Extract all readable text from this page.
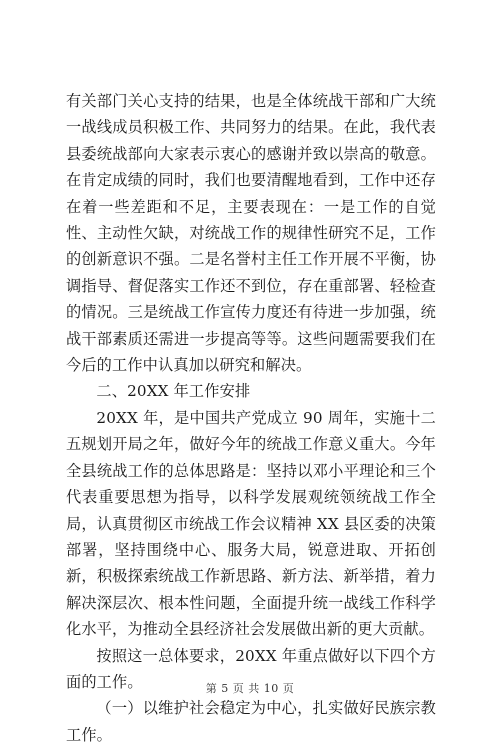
有关部门关心支持的结果，也是全体统战干部和广大统一战线成员积极工作、共同努力的结果。在此，我代表县委统战部向大家表示衷心的感谢并致以崇高的敬意。在肯定成绩的同时，我们也要清醒地看到，工作中还存在着一些差距和不足，主要表现在：一是工作的自觉性、主动性欠缺，对统战工作的规律性研究不足，工作的创新意识不强。二是名誉村主任工作开展不平衡，协调指导、督促落实工作还不到位，存在重部署、轻检查的情况。三是统战工作宣传力度还有待进一步加强，统战干部素质还需进一步提高等等。这些问题需要我们在今后的工作中认真加以研究和解决。

二、20XX 年工作安排

20XX 年，是中国共产党成立 90 周年，实施十二五规划开局之年，做好今年的统战工作意义重大。今年全县统战工作的总体思路是：坚持以邓小平理论和三个代表重要思想为指导，以科学发展观统领统战工作全局，认真贯彻区市统战工作会议精神 XX 县区委的决策部署，坚持围绕中心、服务大局，锐意进取、开拓创新，积极探索统战工作新思路、新方法、新举措，着力解决深层次、根本性问题，全面提升统一战线工作科学化水平，为推动全县经济社会发展做出新的更大贡献。

按照这一总体要求，20XX 年重点做好以下四个方面的工作。

（一）以维护社会稳定为中心，扎实做好民族宗教工作。

第 5 页 共 10 页
